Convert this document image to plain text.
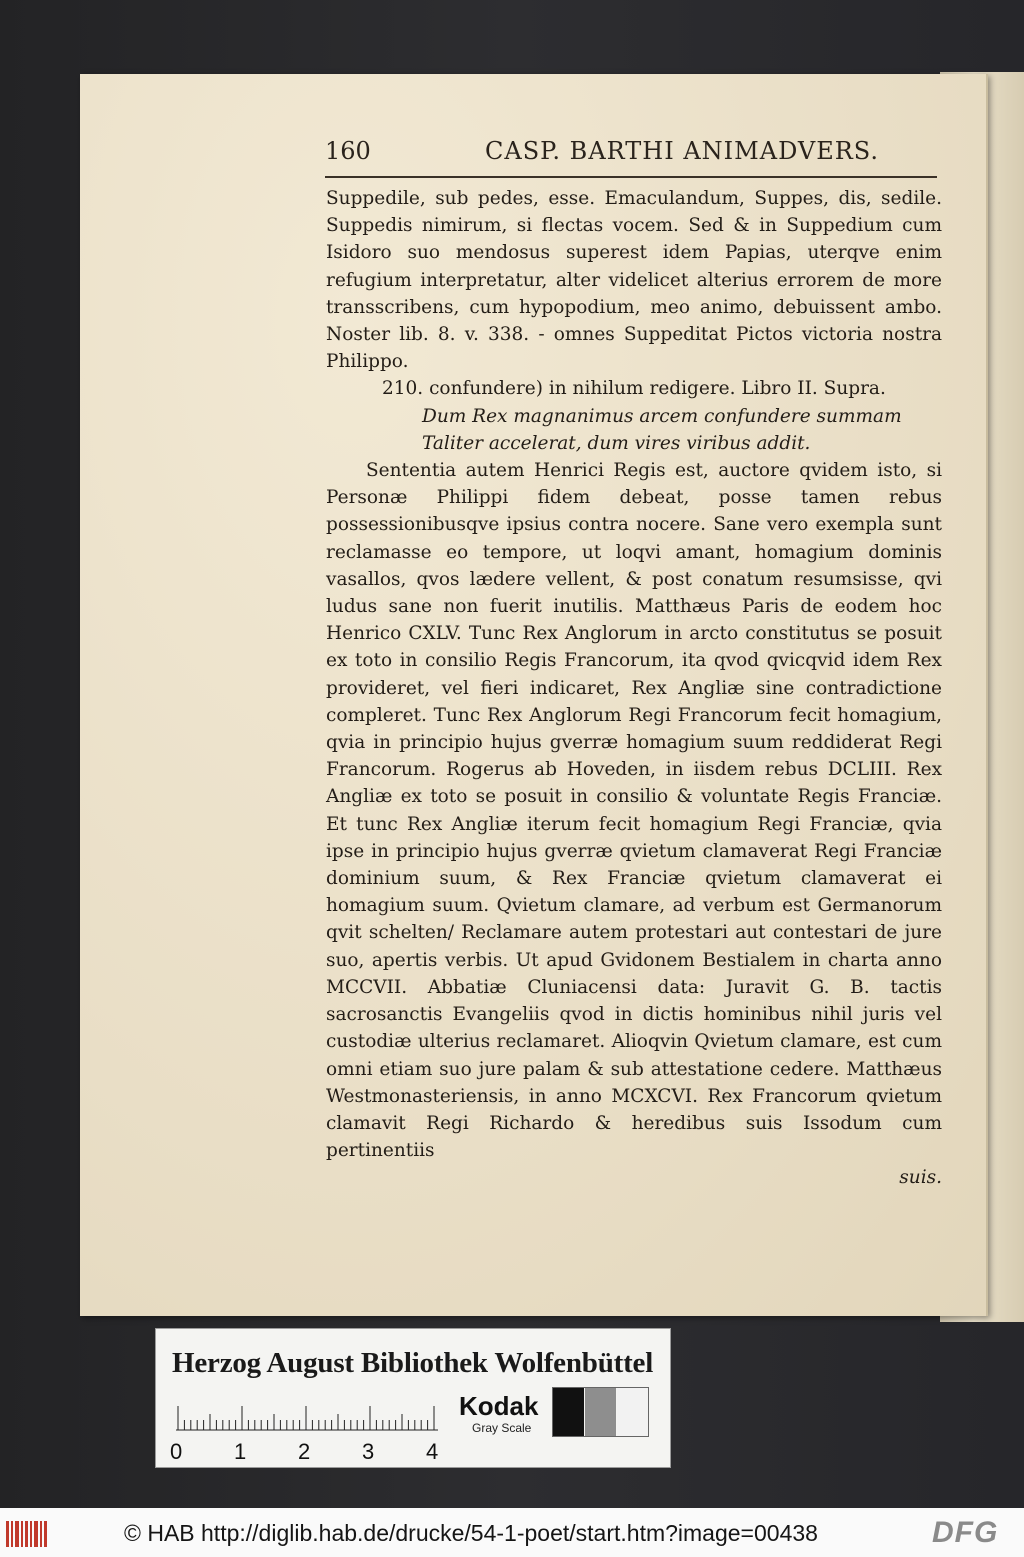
160	CASP. BARTHI ANIMADVERS.

Suppedile, sub pedes, esse. Emaculandum, Suppes, dis, sedile. Suppedis nimirum, si flectas vocem. Sed & in Suppedium cum Isidoro suo mendosus superest idem Papias, uterqve enim refugium interpretatur, alter videlicet alterius errorem de more transscribens, cum hypopodium, meo animo, debuissent ambo. Noster lib. 8. v. 338. - omnes Suppeditat Pictos victoria nostra Philippo.

210. confundere) in nihilum redigere. Libro II. Supra.

Dum Rex magnanimus arcem confundere summam

Taliter accelerat, dum vires viribus addit.

Sententia autem Henrici Regis est, auctore qvidem isto, si Personæ Philippi fidem debeat, posse tamen rebus possessionibusqve ipsius contra nocere. Sane vero exempla sunt reclamasse eo tempore, ut loqvi amant, homagium dominis vasallos, qvos lædere vellent, & post conatum resumsisse, qvi ludus sane non fuerit inutilis. Matthæus Paris de eodem hoc Henrico CXLV. Tunc Rex Anglorum in arcto constitutus se posuit ex toto in consilio Regis Francorum, ita qvod qvicqvid idem Rex provideret, vel fieri indicaret, Rex Angliæ sine contradictione compleret. Tunc Rex Anglorum Regi Francorum fecit homagium, qvia in principio hujus gverræ homagium suum reddiderat Regi Francorum. Rogerus ab Hoveden, in iisdem rebus DCLIII. Rex Angliæ ex toto se posuit in consilio & voluntate Regis Franciæ. Et tunc Rex Angliæ iterum fecit homagium Regi Franciæ, qvia ipse in principio hujus gverræ qvietum clamaverat Regi Franciæ dominium suum, & Rex Franciæ qvietum clamaverat ei homagium suum. Qvietum clamare, ad verbum est Germanorum qvit schelten/ Reclamare autem protestari aut contestari de jure suo, apertis verbis. Ut apud Gvidonem Bestialem in charta anno MCCVII. Abbatiæ Cluniacensi data: Juravit G. B. tactis sacrosanctis Evangeliis qvod in dictis hominibus nihil juris vel custodiæ ulterius reclamaret. Alioqvin Qvietum clamare, est cum omni etiam suo jure palam & sub attestatione cedere. Matthæus Westmonasteriensis, in anno MCXCVI. Rex Francorum qvietum clamavit Regi Richardo & heredibus suis Issodum cum pertinentiis

suis.

Herzog August Bibliothek Wolfenbüttel
0 1 2 3 4
Kodak
Gray Scale
© HAB http://diglib.hab.de/drucke/54-1-poet/start.htm?image=00438	DFG
